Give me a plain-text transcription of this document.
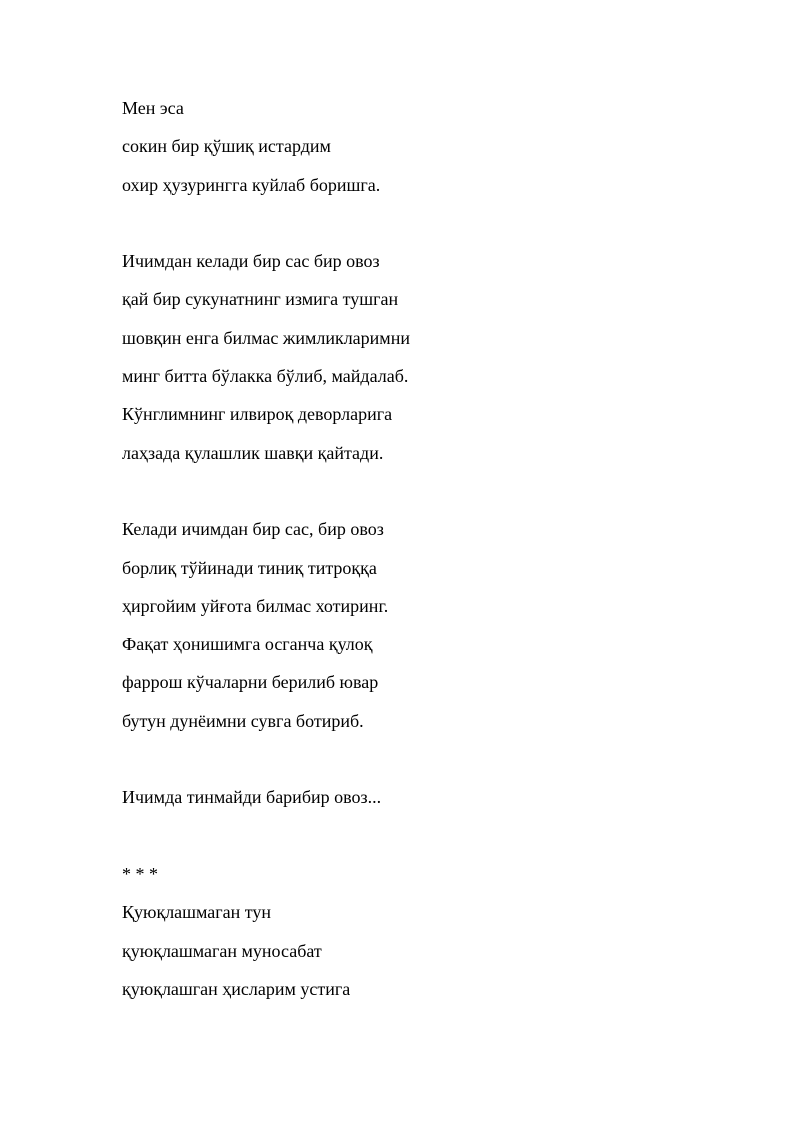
Мен эса
сокин бир қўшиқ истардим
охир ҳузурингга куйлаб боришга.
Ичимдан келади бир сас бир овоз
қай бир сукунатнинг измига тушган
шовқин енга билмас жимликларимни
минг битта бўлакка бўлиб, майдалаб.
Кўнглимнинг илвироқ деворларига
лаҳзада қулашлик шавқи қайтади.
Келади ичимдан бир сас, бир овоз
борлиқ тўйинади тиниқ титроққа
ҳиргойим уйғота билмас хотиринг.
Фақат ҳонишимга осганча қулоқ
фаррош кўчаларни берилиб ювар
бутун дунёимни сувга ботириб.
Ичимда тинмайди барибир овоз...
* * *
Қуюқлашмаган тун
қуюқлашмаган муносабат
қуюқлашган ҳисларим устига
